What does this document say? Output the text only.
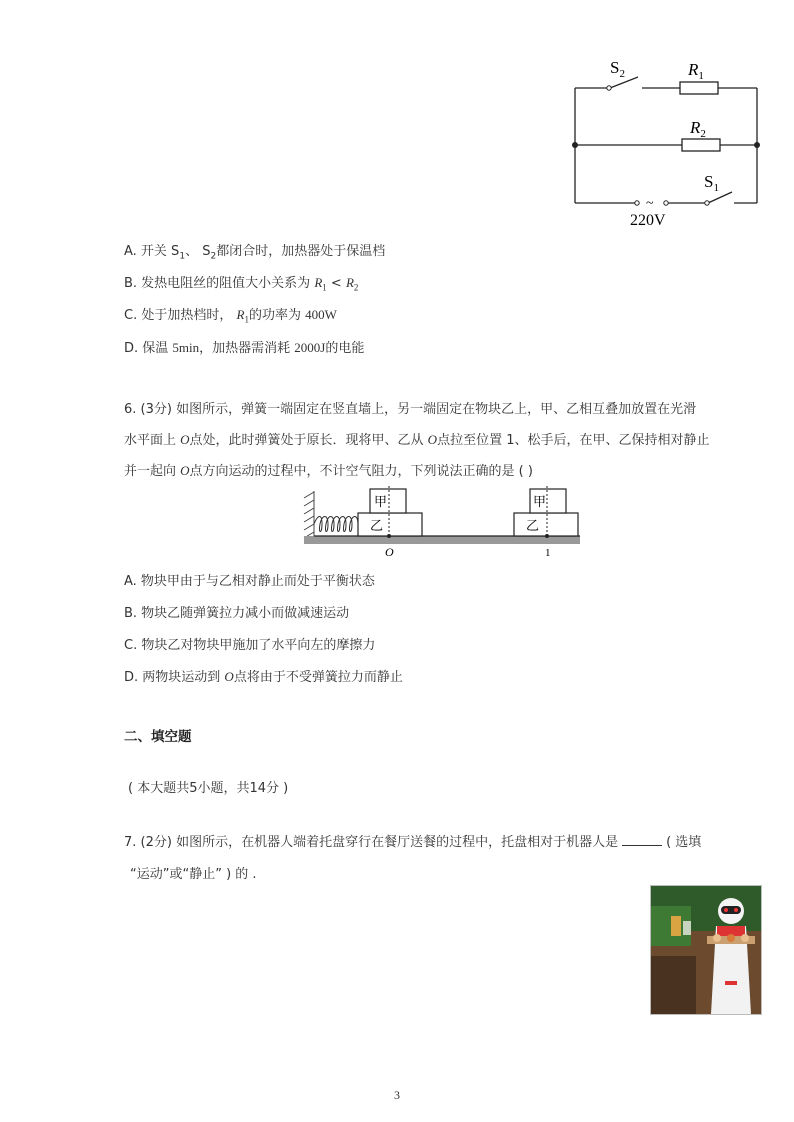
$S_2$	$R_1$
$R_2$
$S_1$
~
220V
A. 开关 $S_1$、 $S_2$都闭合时，加热器处于保温档
B. 发热电阻丝的阻值大小关系为 $R_1 < R_2$
C. 处于加热档时， $R_1$的功率为 400W
D. 保温 5min，加热器需消耗 2000J的电能
6. (3分) 如图所示，弹簧一端固定在竖直墙上，另一端固定在物块乙上，甲、乙相互叠加放置在光滑
水平面上 O点处，此时弹簧处于原长．现将甲、乙从 O点拉至位置 1、松手后，在甲、乙保持相对静止
并一起向 O点方向运动的过程中，不计空气阻力，下列说法正确的是 ( )
甲
乙
甲
乙
O	1
A. 物块甲由于与乙相对静止而处于平衡状态
B. 物块乙随弹簧拉力减小而做减速运动
C. 物块乙对物块甲施加了水平向左的摩擦力
D. 两物块运动到 O点将由于不受弹簧拉力而静止
二、填空题
( 本大题共5小题，共14分 )
7. (2分) 如图所示，在机器人端着托盘穿行在餐厅送餐的过程中，托盘相对于机器人是	( 选填
“运动”或“静止” ) 的 .
3
